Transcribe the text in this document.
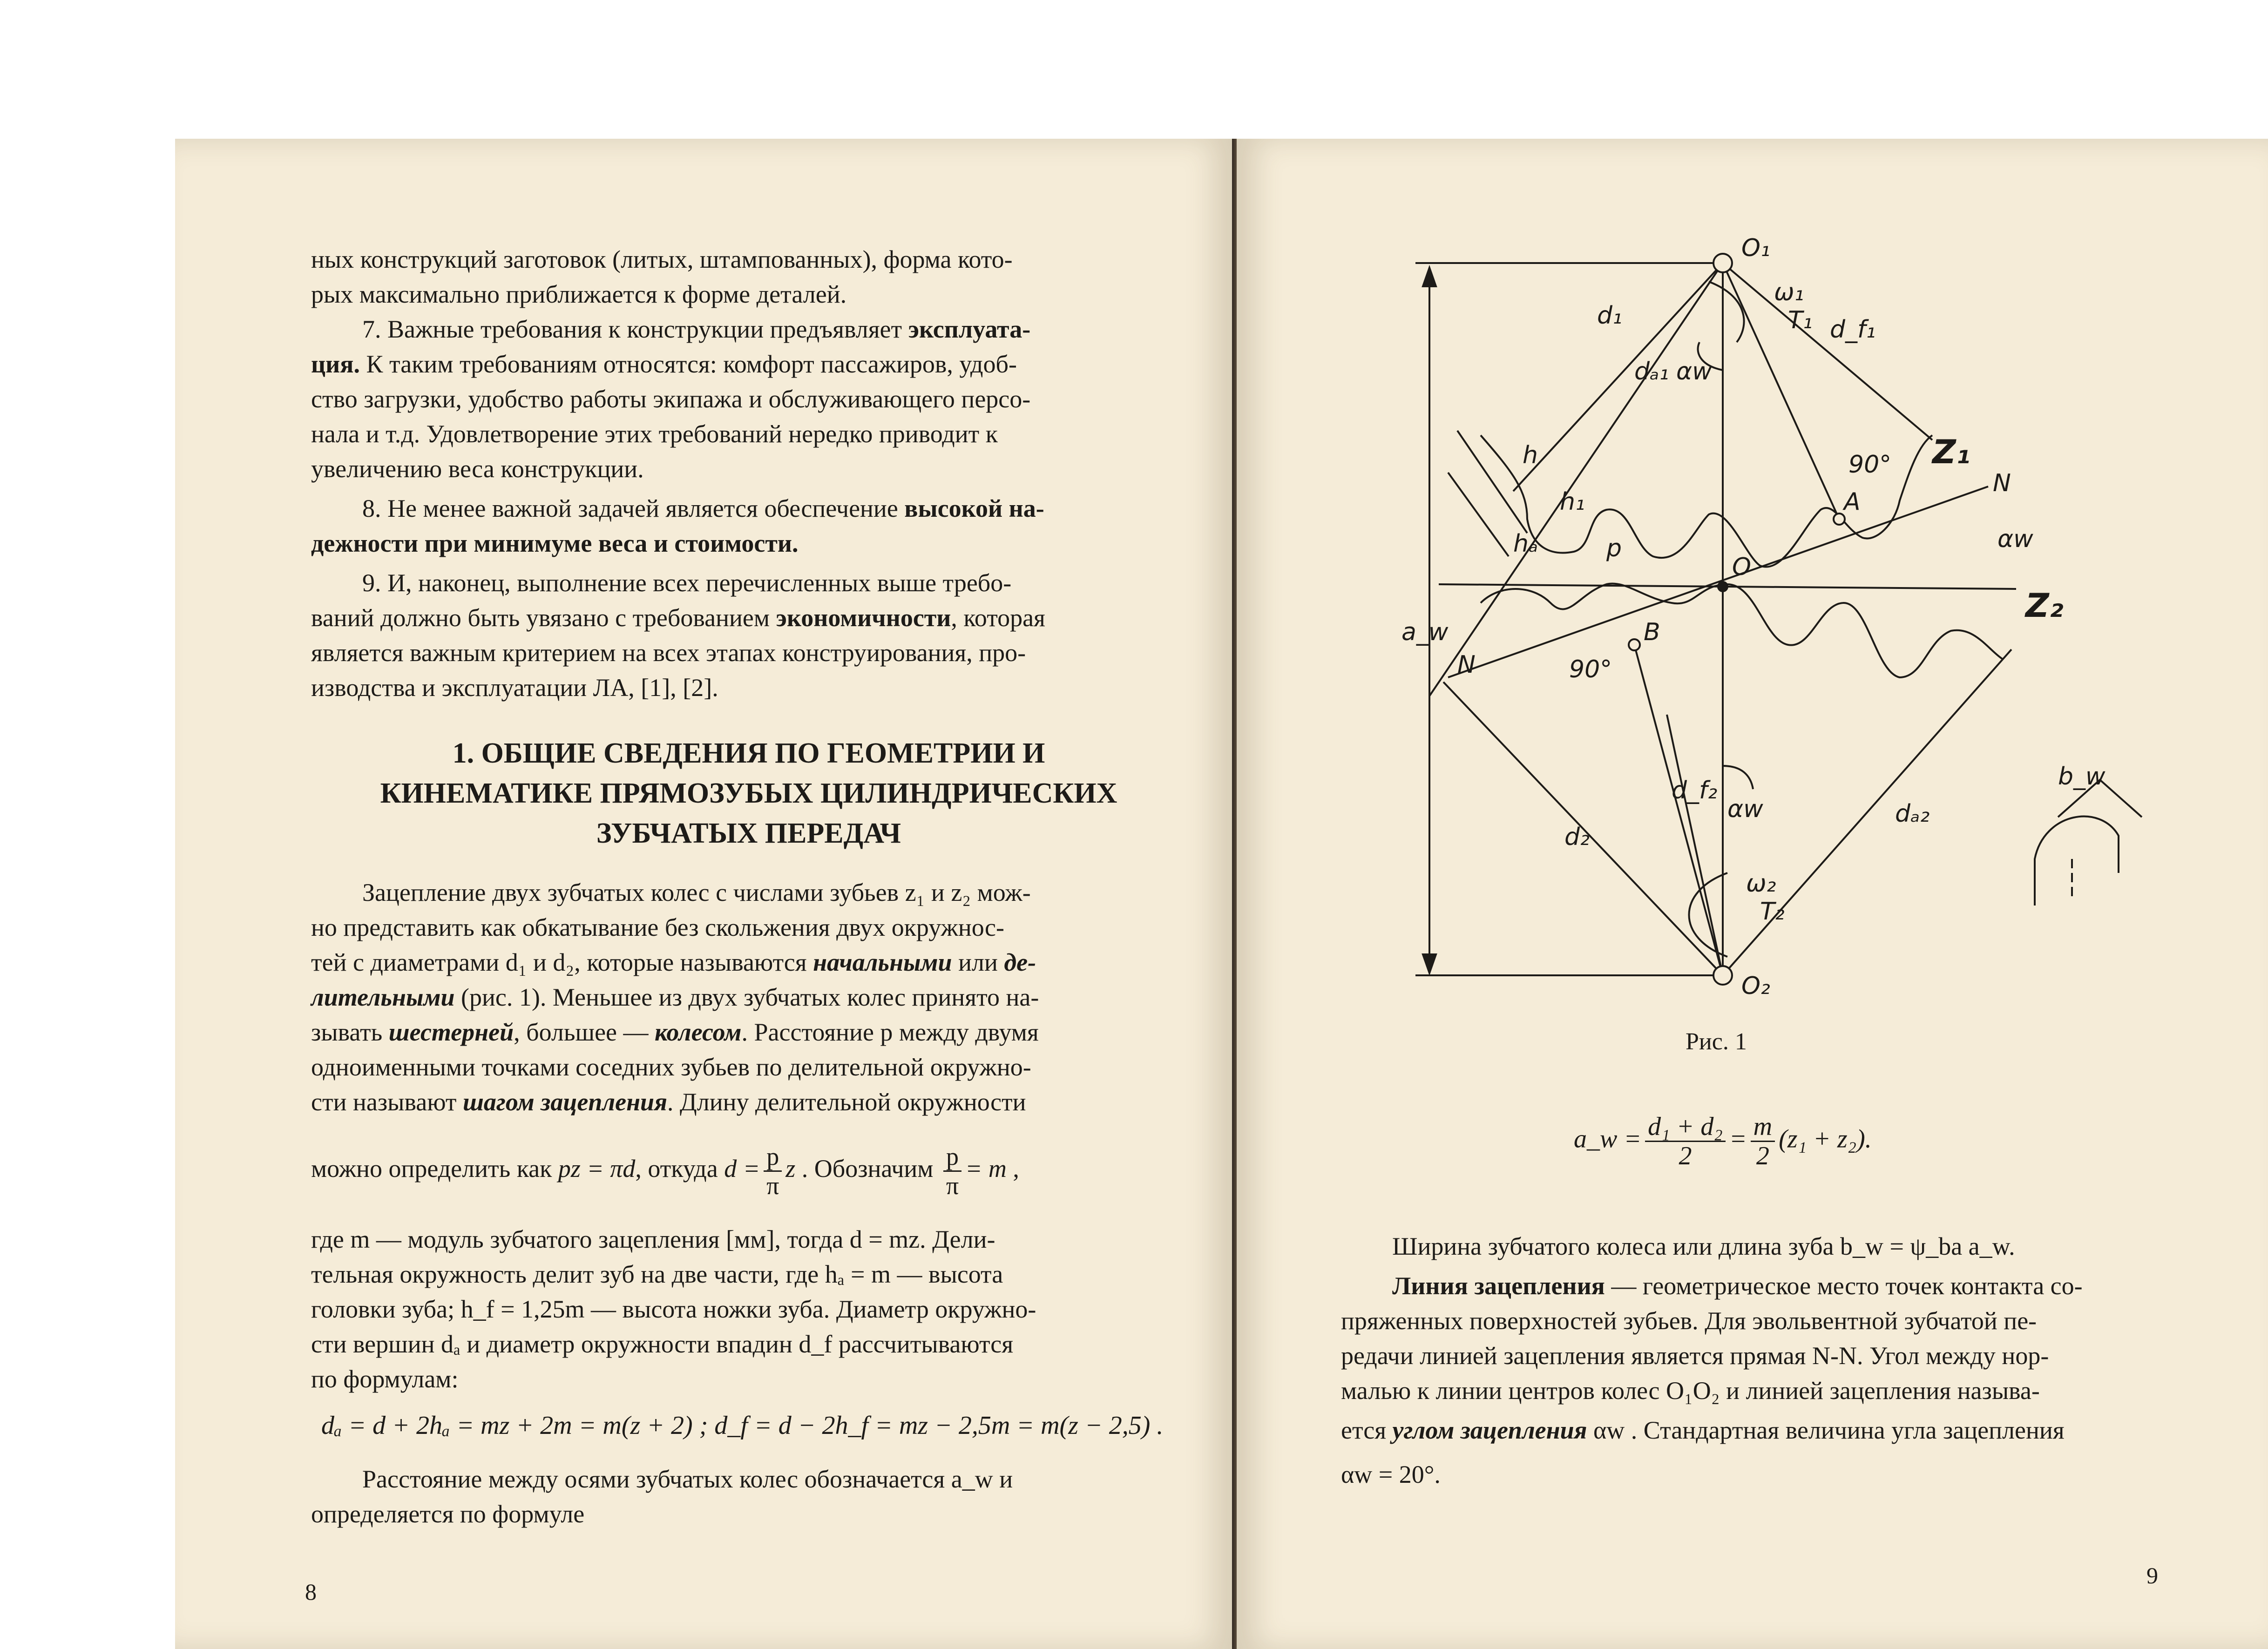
ных конструкций заготовок (литых, штампованных), форма кото-
рых максимально приближается к форме деталей.
7. Важные требования к конструкции предъявляет эксплуата-
ция. К таким требованиям относятся: комфорт пассажиров, удоб-
ство загрузки, удобство работы экипажа и обслуживающего персо-
нала и т.д. Удовлетворение этих требований нередко приводит к
увеличению веса конструкции.
8. Не менее важной задачей является обеспечение высокой на-
дежности при минимуме веса и стоимости.
9. И, наконец, выполнение всех перечисленных выше требо-
ваний должно быть увязано с требованием экономичности, которая
является важным критерием на всех этапах конструирования, про-
изводства и эксплуатации ЛА, [1], [2].
1. ОБЩИЕ СВЕДЕНИЯ ПО ГЕОМЕТРИИ И
КИНЕМАТИКЕ ПРЯМОЗУБЫХ ЦИЛИНДРИЧЕСКИХ
ЗУБЧАТЫХ ПЕРЕДАЧ
Зацепление двух зубчатых колес с числами зубьев z₁ и z₂ мож-
но представить как обкатывание без скольжения двух окружнос-
тей с диаметрами d₁ и d₂, которые называются начальными или де-
лительными (рис. 1). Меньшее из двух зубчатых колес принято на-
зывать шестерней, большее — колесом. Расстояние p между двумя
одноименными точками соседних зубьев по делительной окружно-
сти называют шагом зацепления. Длину делительной окружности
можно определить как pz = πd, откуда $d = \frac{p}{\pi}$ z . Обозначим $\frac{p}{\pi} = m$ ,
где m — модуль зубчатого зацепления [мм], тогда d = mz. Дели-
тельная окружность делит зуб на две части, где hₐ = m — высота
головки зуба; h_f = 1,25m — высота ножки зуба. Диаметр окружно-
сти вершин dₐ и диаметр окружности впадин d_f рассчитываются
по формулам:
dₐ = d + 2hₐ = mz + 2m = m(z + 2) ; d_f = d − 2h_f = mz − 2,5m = m(z − 2,5) .
Расстояние между осями зубчатых колес обозначается a_w и
определяется по формуле
8
O₁
O₂
O
A
B
ω₁
T₁
ω₂
T₂
d₁
dₐ₁
d_f₁
d₂
dₐ₂
d_f₂
h
h₁
hₐ	p
Z₁
Z₂
N
N
αw
αw
αw
a_w
90°
90°
b_w
Рис. 1
a_w = $\frac{\text{d₁ + d₂}}{2} = \frac{m}{2} (z_1 + z_2)$.
Ширина зубчатого колеса или длина зуба b_w = ψ_ba a_w.
Линия зацепления — геометрическое место точек контакта со-
пряженных поверхностей зубьев. Для эвольвентной зубчатой пе-
редачи линией зацепления является прямая N-N. Угол между нор-
малью к линии центров колес O₁O₂ и линией зацепления называ-
ется углом зацепления αw . Стандартная величина угла зацепления
αw = 20°.
9
